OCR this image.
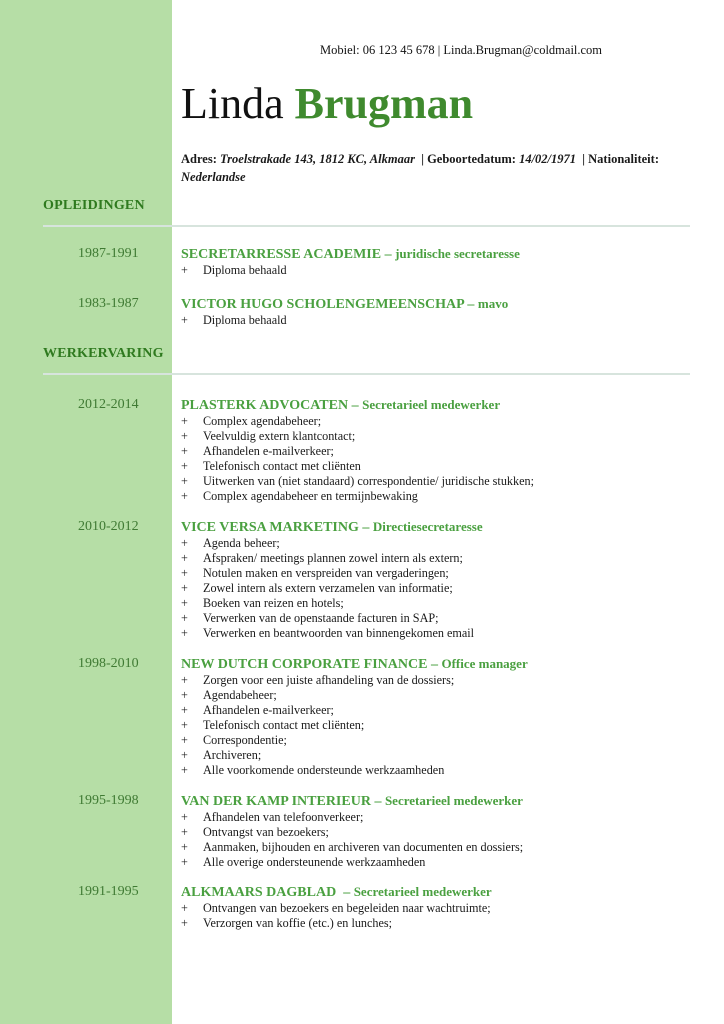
Mobiel: 06 123 45 678 | Linda.Brugman@coldmail.com
Linda Brugman
Adres: Troelstrakade 143, 1812 KC, Alkmaar | Geboortedatum: 14/02/1971 | Nationaliteit: Nederlandse
OPLEIDINGEN
1987-1991	SECRETARRESSE ACADEMIE – juridische secretaresse
+ Diploma behaald
1983-1987	VICTOR HUGO SCHOLENGEMEENSCHAP – mavo
+ Diploma behaald
WERKERVARING
2012-2014	PLASTERK ADVOCATEN – Secretarieel medewerker
+ Complex agendabeheer;
+ Veelvuldig extern klantcontact;
+ Afhandelen e-mailverkeer;
+ Telefonisch contact met cliënten
+ Uitwerken van (niet standaard) correspondentie/ juridische stukken;
+ Complex agendabeheer en termijnbewaking
2010-2012	VICE VERSA MARKETING – Directiesecretaresse
+ Agenda beheer;
+ Afspraken/ meetings plannen zowel intern als extern;
+ Notulen maken en verspreiden van vergaderingen;
+ Zowel intern als extern verzamelen van informatie;
+ Boeken van reizen en hotels;
+ Verwerken van de openstaande facturen in SAP;
+ Verwerken en beantwoorden van binnengekomen email
1998-2010	NEW DUTCH CORPORATE FINANCE – Office manager
+ Zorgen voor een juiste afhandeling van de dossiers;
+ Agendabeheer;
+ Afhandelen e-mailverkeer;
+ Telefonisch contact met cliënten;
+ Correspondentie;
+ Archiveren;
+ Alle voorkomende ondersteunde werkzaamheden
1995-1998	VAN DER KAMP INTERIEUR – Secretarieel medewerker
+ Afhandelen van telefoonverkeer;
+ Ontvangst van bezoekers;
+ Aanmaken, bijhouden en archiveren van documenten en dossiers;
+ Alle overige ondersteunende werkzaamheden
1991-1995	ALKMAARS DAGBLAD  – Secretarieel medewerker
+ Ontvangen van bezoekers en begeleiden naar wachtruimte;
+ Verzorgen van koffie (etc.) en lunches;
